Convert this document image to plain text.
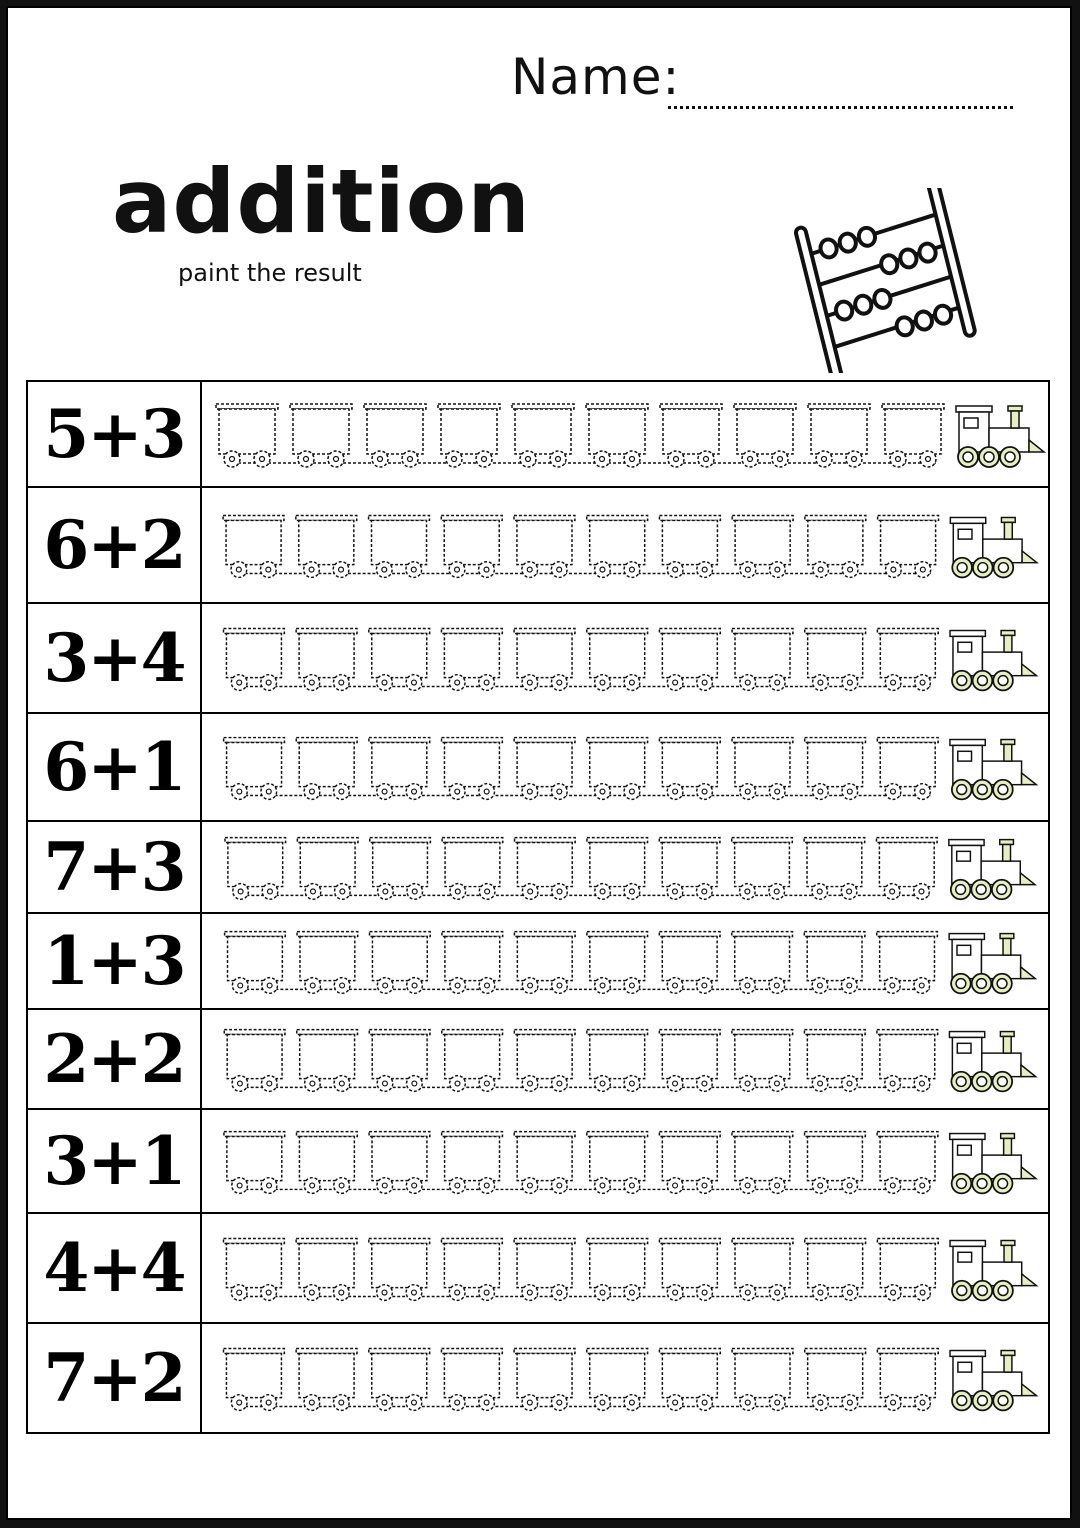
Name:
addition
paint the result
5+3
6+2
3+4
6+1
7+3
1+3
2+2
3+1
4+4
7+2
